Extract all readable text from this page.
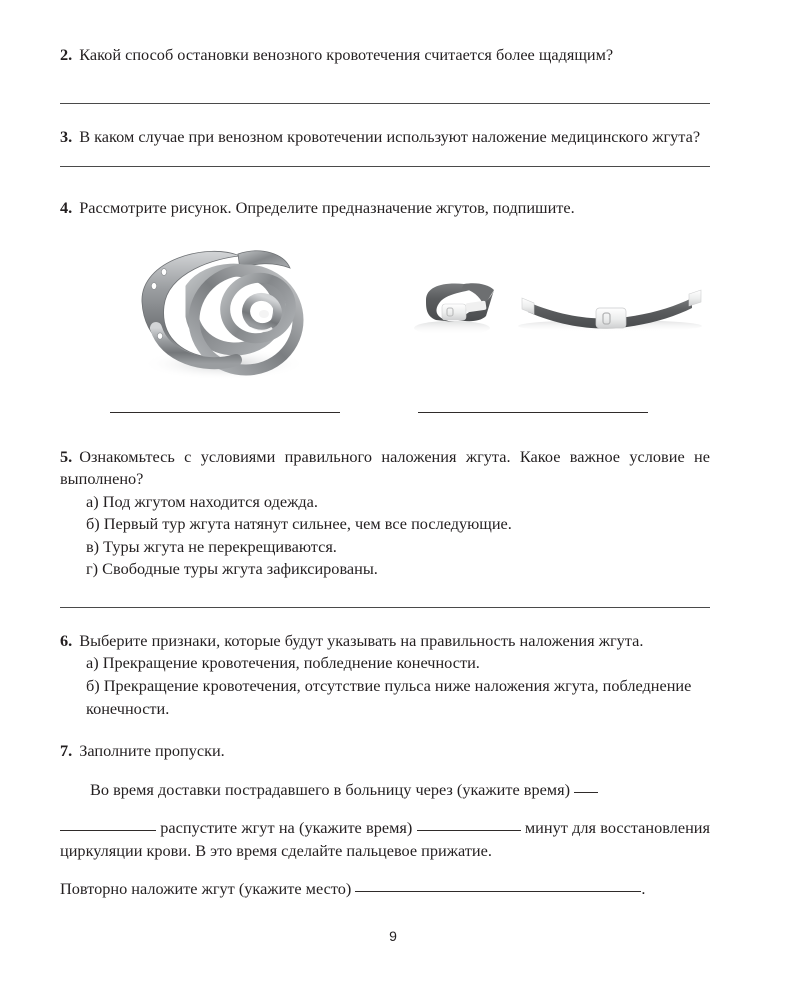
2. Какой способ остановки венозного кровотечения считается более щадящим?

3. В каком случае при венозном кровотечении используют наложение медицинского жгута?

4. Рассмотрите рисунок. Определите предназначение жгутов, подпишите.

5. Ознакомьтесь с условиями правильного наложения жгута. Какое важное условие не выполнено?

а) Под жгутом находится одежда.

б) Первый тур жгута натянут сильнее, чем все последующие.

в) Туры жгута не перекрещиваются.

г) Свободные туры жгута зафиксированы.

6. Выберите признаки, которые будут указывать на правильность наложения жгута.

а) Прекращение кровотечения, побледнение конечности.

б) Прекращение кровотечения, отсутствие пульса ниже наложения жгута, побледнение конечности.

7. Заполните пропуски.

Во время доставки пострадавшего в больницу через (укажите время)

распустите жгут на (укажите время)	минут для восстановления циркуляции крови. В это время сделайте пальцевое прижатие.

Повторно наложите жгут (укажите место)	.

9
